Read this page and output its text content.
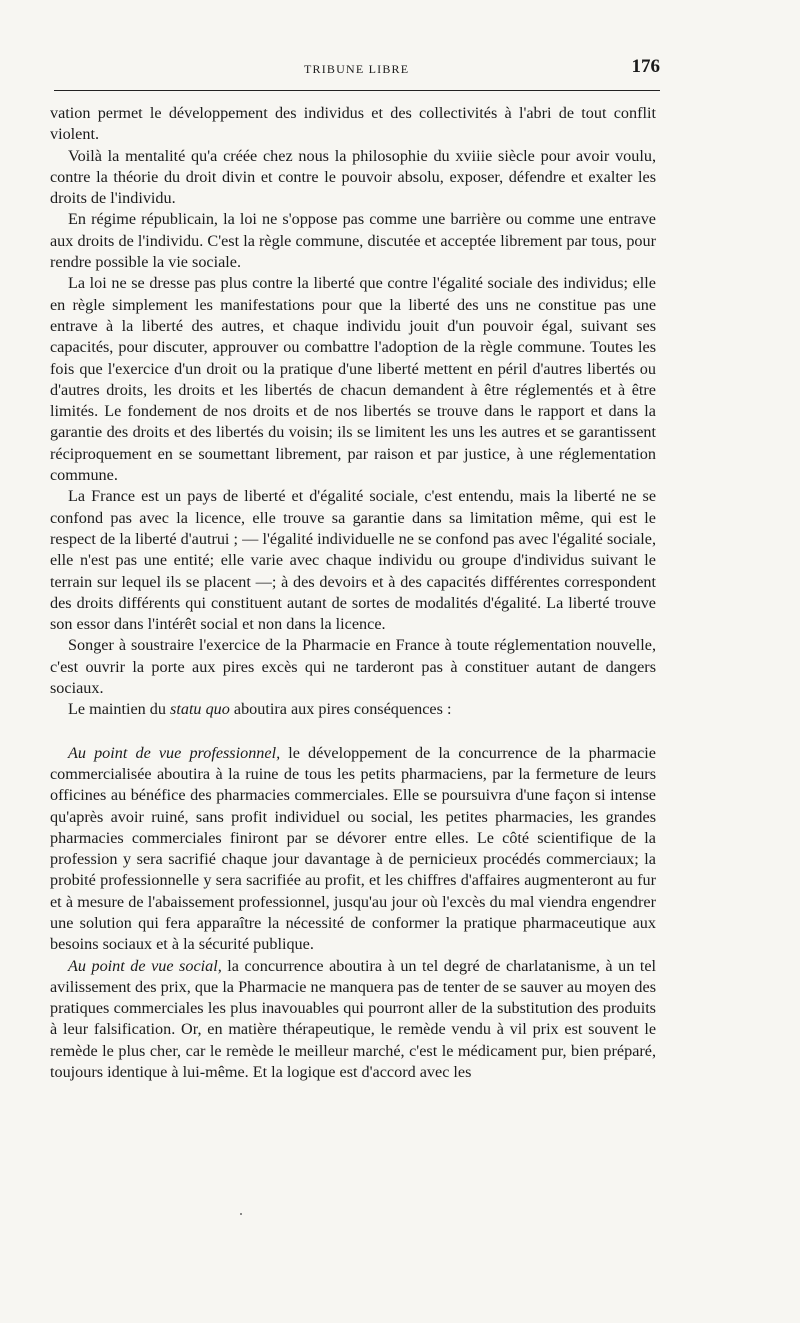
TRIBUNE LIBRE	176

vation permet le développement des individus et des collectivités à l'abri de tout conflit violent.

Voilà la mentalité qu'a créée chez nous la philosophie du xviiie siècle pour avoir voulu, contre la théorie du droit divin et contre le pouvoir absolu, exposer, défendre et exalter les droits de l'individu.

En régime républicain, la loi ne s'oppose pas comme une barrière ou comme une entrave aux droits de l'individu. C'est la règle commune, discutée et acceptée librement par tous, pour rendre possible la vie sociale.

La loi ne se dresse pas plus contre la liberté que contre l'égalité sociale des individus; elle en règle simplement les manifestations pour que la liberté des uns ne constitue pas une entrave à la liberté des autres, et chaque individu jouit d'un pouvoir égal, suivant ses capacités, pour discuter, approuver ou combattre l'adoption de la règle commune. Toutes les fois que l'exercice d'un droit ou la pratique d'une liberté mettent en péril d'autres libertés ou d'autres droits, les droits et les libertés de chacun demandent à être réglementés et à être limités. Le fondement de nos droits et de nos libertés se trouve dans le rapport et dans la garantie des droits et des libertés du voisin; ils se limitent les uns les autres et se garantissent réciproquement en se soumettant librement, par raison et par justice, à une réglementation commune.

La France est un pays de liberté et d'égalité sociale, c'est entendu, mais la liberté ne se confond pas avec la licence, elle trouve sa garantie dans sa limitation même, qui est le respect de la liberté d'autrui ; — l'égalité individuelle ne se confond pas avec l'égalité sociale, elle n'est pas une entité; elle varie avec chaque individu ou groupe d'individus suivant le terrain sur lequel ils se placent —; à des devoirs et à des capacités différentes correspondent des droits différents qui constituent autant de sortes de modalités d'égalité. La liberté trouve son essor dans l'intérêt social et non dans la licence.

Songer à soustraire l'exercice de la Pharmacie en France à toute réglementation nouvelle, c'est ouvrir la porte aux pires excès qui ne tarderont pas à constituer autant de dangers sociaux.

Le maintien du statu quo aboutira aux pires conséquences :

Au point de vue professionnel, le développement de la concurrence de la pharmacie commercialisée aboutira à la ruine de tous les petits pharmaciens, par la fermeture de leurs officines au bénéfice des pharmacies commerciales. Elle se poursuivra d'une façon si intense qu'après avoir ruiné, sans profit individuel ou social, les petites pharmacies, les grandes pharmacies commerciales finiront par se dévorer entre elles. Le côté scientifique de la profession y sera sacrifié chaque jour davantage à de pernicieux procédés commerciaux; la probité professionnelle y sera sacrifiée au profit, et les chiffres d'affaires augmenteront au fur et à mesure de l'abaissement professionnel, jusqu'au jour où l'excès du mal viendra engendrer une solution qui fera apparaître la nécessité de conformer la pratique pharmaceutique aux besoins sociaux et à la sécurité publique.

Au point de vue social, la concurrence aboutira à un tel degré de charlatanisme, à un tel avilissement des prix, que la Pharmacie ne manquera pas de tenter de se sauver au moyen des pratiques commerciales les plus inavouables qui pourront aller de la substitution des produits à leur falsification. Or, en matière thérapeutique, le remède vendu à vil prix est souvent le remède le plus cher, car le remède le meilleur marché, c'est le médicament pur, bien préparé, toujours identique à lui-même. Et la logique est d'accord avec les
